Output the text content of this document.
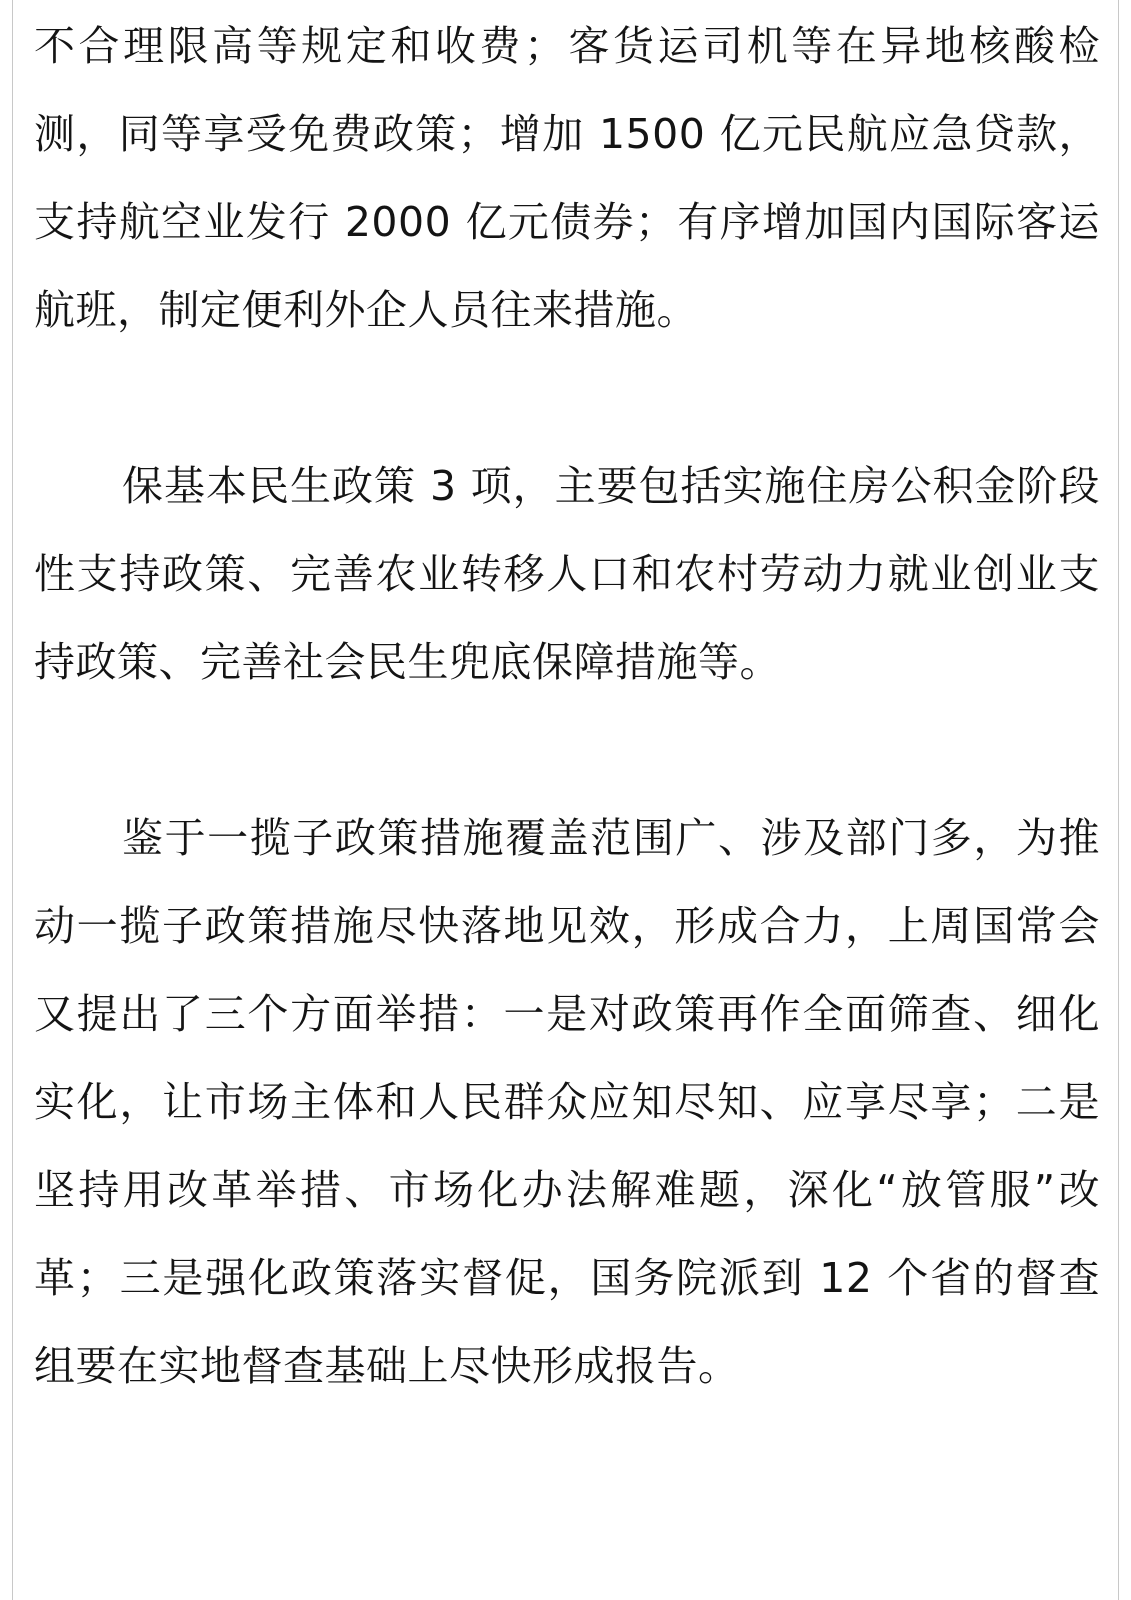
不合理限高等规定和收费；客货运司机等在异地核酸检测，同等享受免费政策；增加 1500 亿元民航应急贷款，支持航空业发行 2000 亿元债券；有序增加国内国际客运航班，制定便利外企人员往来措施。

保基本民生政策 3 项，主要包括实施住房公积金阶段性支持政策、完善农业转移人口和农村劳动力就业创业支持政策、完善社会民生兜底保障措施等。

鉴于一揽子政策措施覆盖范围广、涉及部门多，为推动一揽子政策措施尽快落地见效，形成合力，上周国常会又提出了三个方面举措：一是对政策再作全面筛查、细化实化，让市场主体和人民群众应知尽知、应享尽享；二是坚持用改革举措、市场化办法解难题，深化“放管服”改革；三是强化政策落实督促，国务院派到 12 个省的督查组要在实地督查基础上尽快形成报告。
